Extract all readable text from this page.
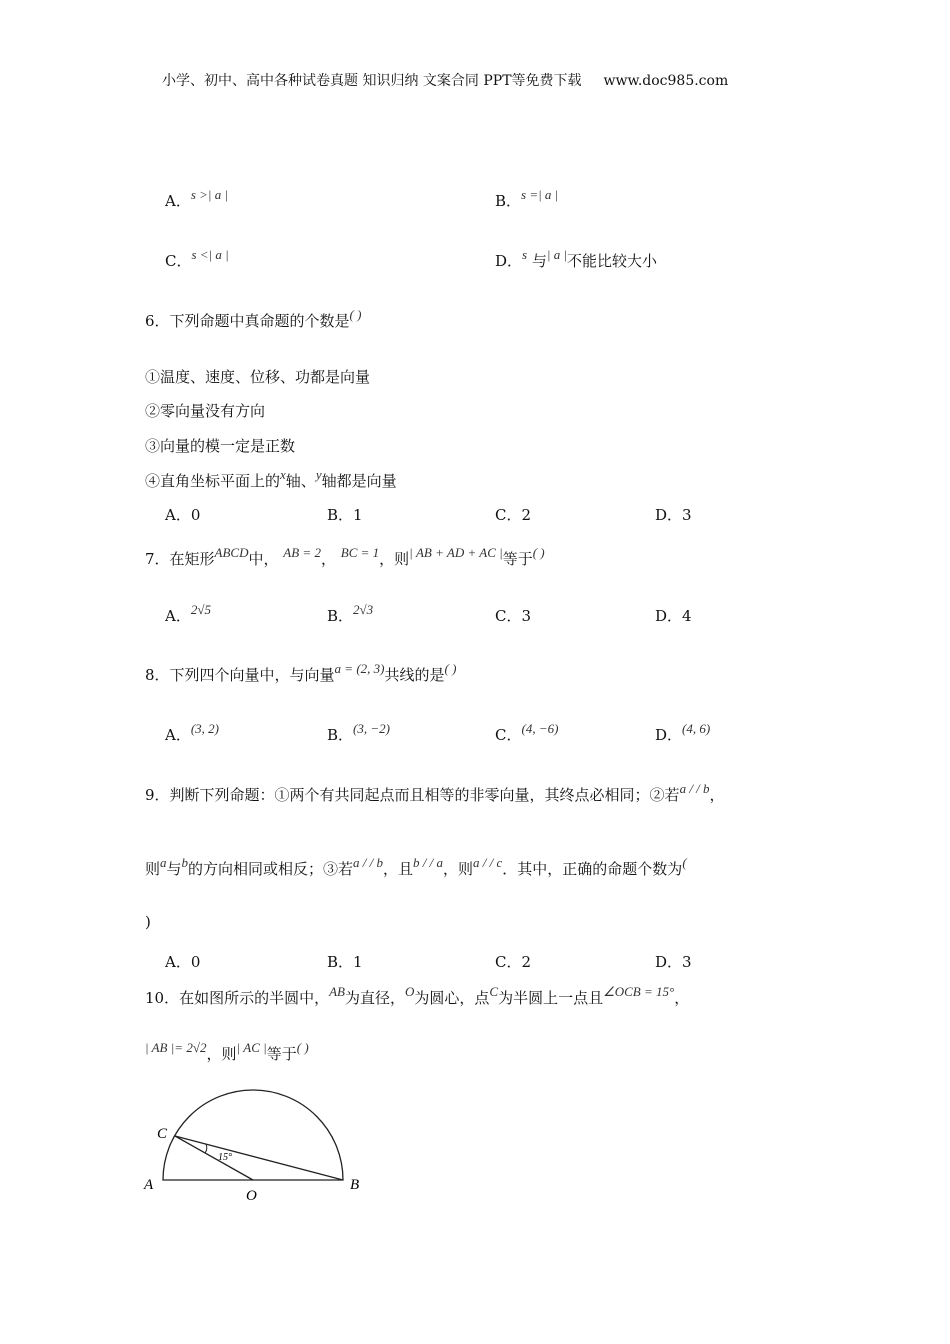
小学、初中、高中各种试卷真题 知识归纳 文案合同 PPT等免费下载 www.doc985.com
A．s >| a |	B．s =| a |
C．s <| a |	D．s 与| a |不能比较大小
6．下列命题中真命题的个数是( )
①温度、速度、位移、功都是向量
②零向量没有方向
③向量的模一定是正数
④直角坐标平面上的x轴、y轴都是向量
A．0	B．1	C．2	D．3
7．在矩形ABCD中， AB = 2， BC = 1，则| AB + AD + AC |等于( )
A．2√5	B．2√3	C．3	D．4
8．下列四个向量中，与向量a = (2, 3)共线的是( )
A．(3, 2)	B．(3, −2)	C．(4, −6)	D．(4, 6)
9．判断下列命题：①两个有共同起点而且相等的非零向量，其终点必相同；②若a / / b，
则a与b的方向相同或相反；③若a / / b，且b / / a，则a / / c．其中，正确的命题个数为(
)
A．0	B．1	C．2	D．3
10．在如图所示的半圆中，AB为直径，O为圆心，点C为半圆上一点且∠OCB = 15°，
| AB |= 2√2，则| AC |等于( )
A	B
C
O
15°
